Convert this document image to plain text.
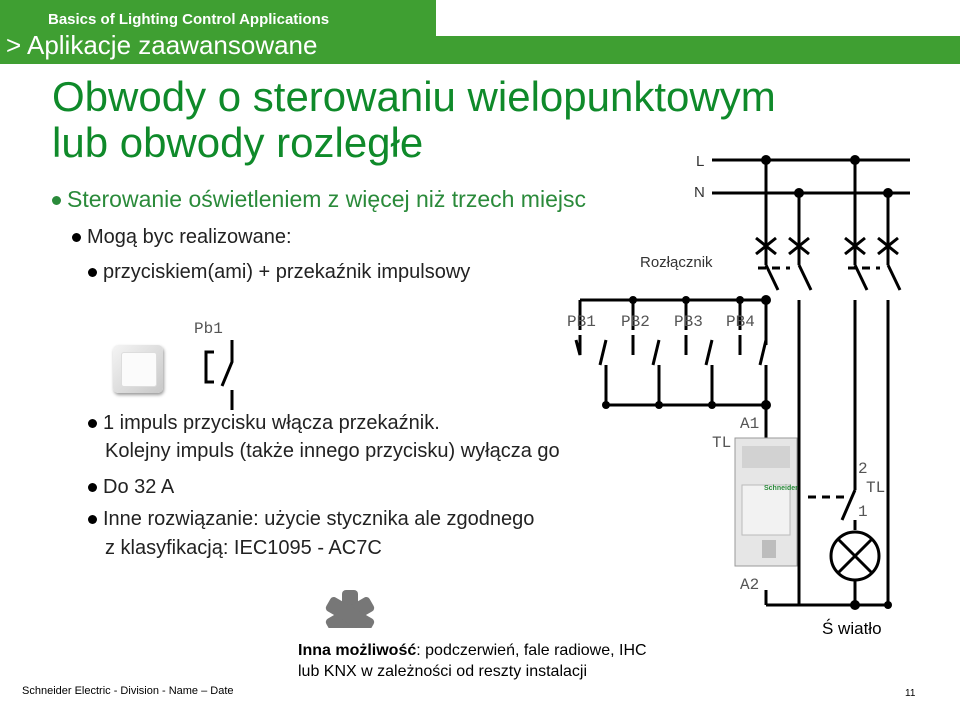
Basics of Lighting Control Applications
> Aplikacje zaawansowane
Obwody o sterowaniu wielopunktowym
lub obwody rozległe
Sterowanie oświetleniem z więcej niż trzech miejsc
Mogą byc realizowane:
przyciskiem(ami) + przekaźnik impulsowy
1 impuls przycisku włącza przekaźnik.
Kolejny impuls (także innego przycisku) wyłącza go
Do 32 A
Inne rozwiązanie: użycie stycznika ale zgodnego
z klasyfikacją: IEC1095 - AC7C
Pb1	PB1 PB2 PB3 PB4
L
N
Rozłącznik
A1
A2
TL
2
TL
1
Schneider
Ś wiatło
Inna możliwość: podczerwień, fale radiowe, IHC
lub KNX w zależności od reszty instalacji
Schneider Electric - Division - Name – Date	11
